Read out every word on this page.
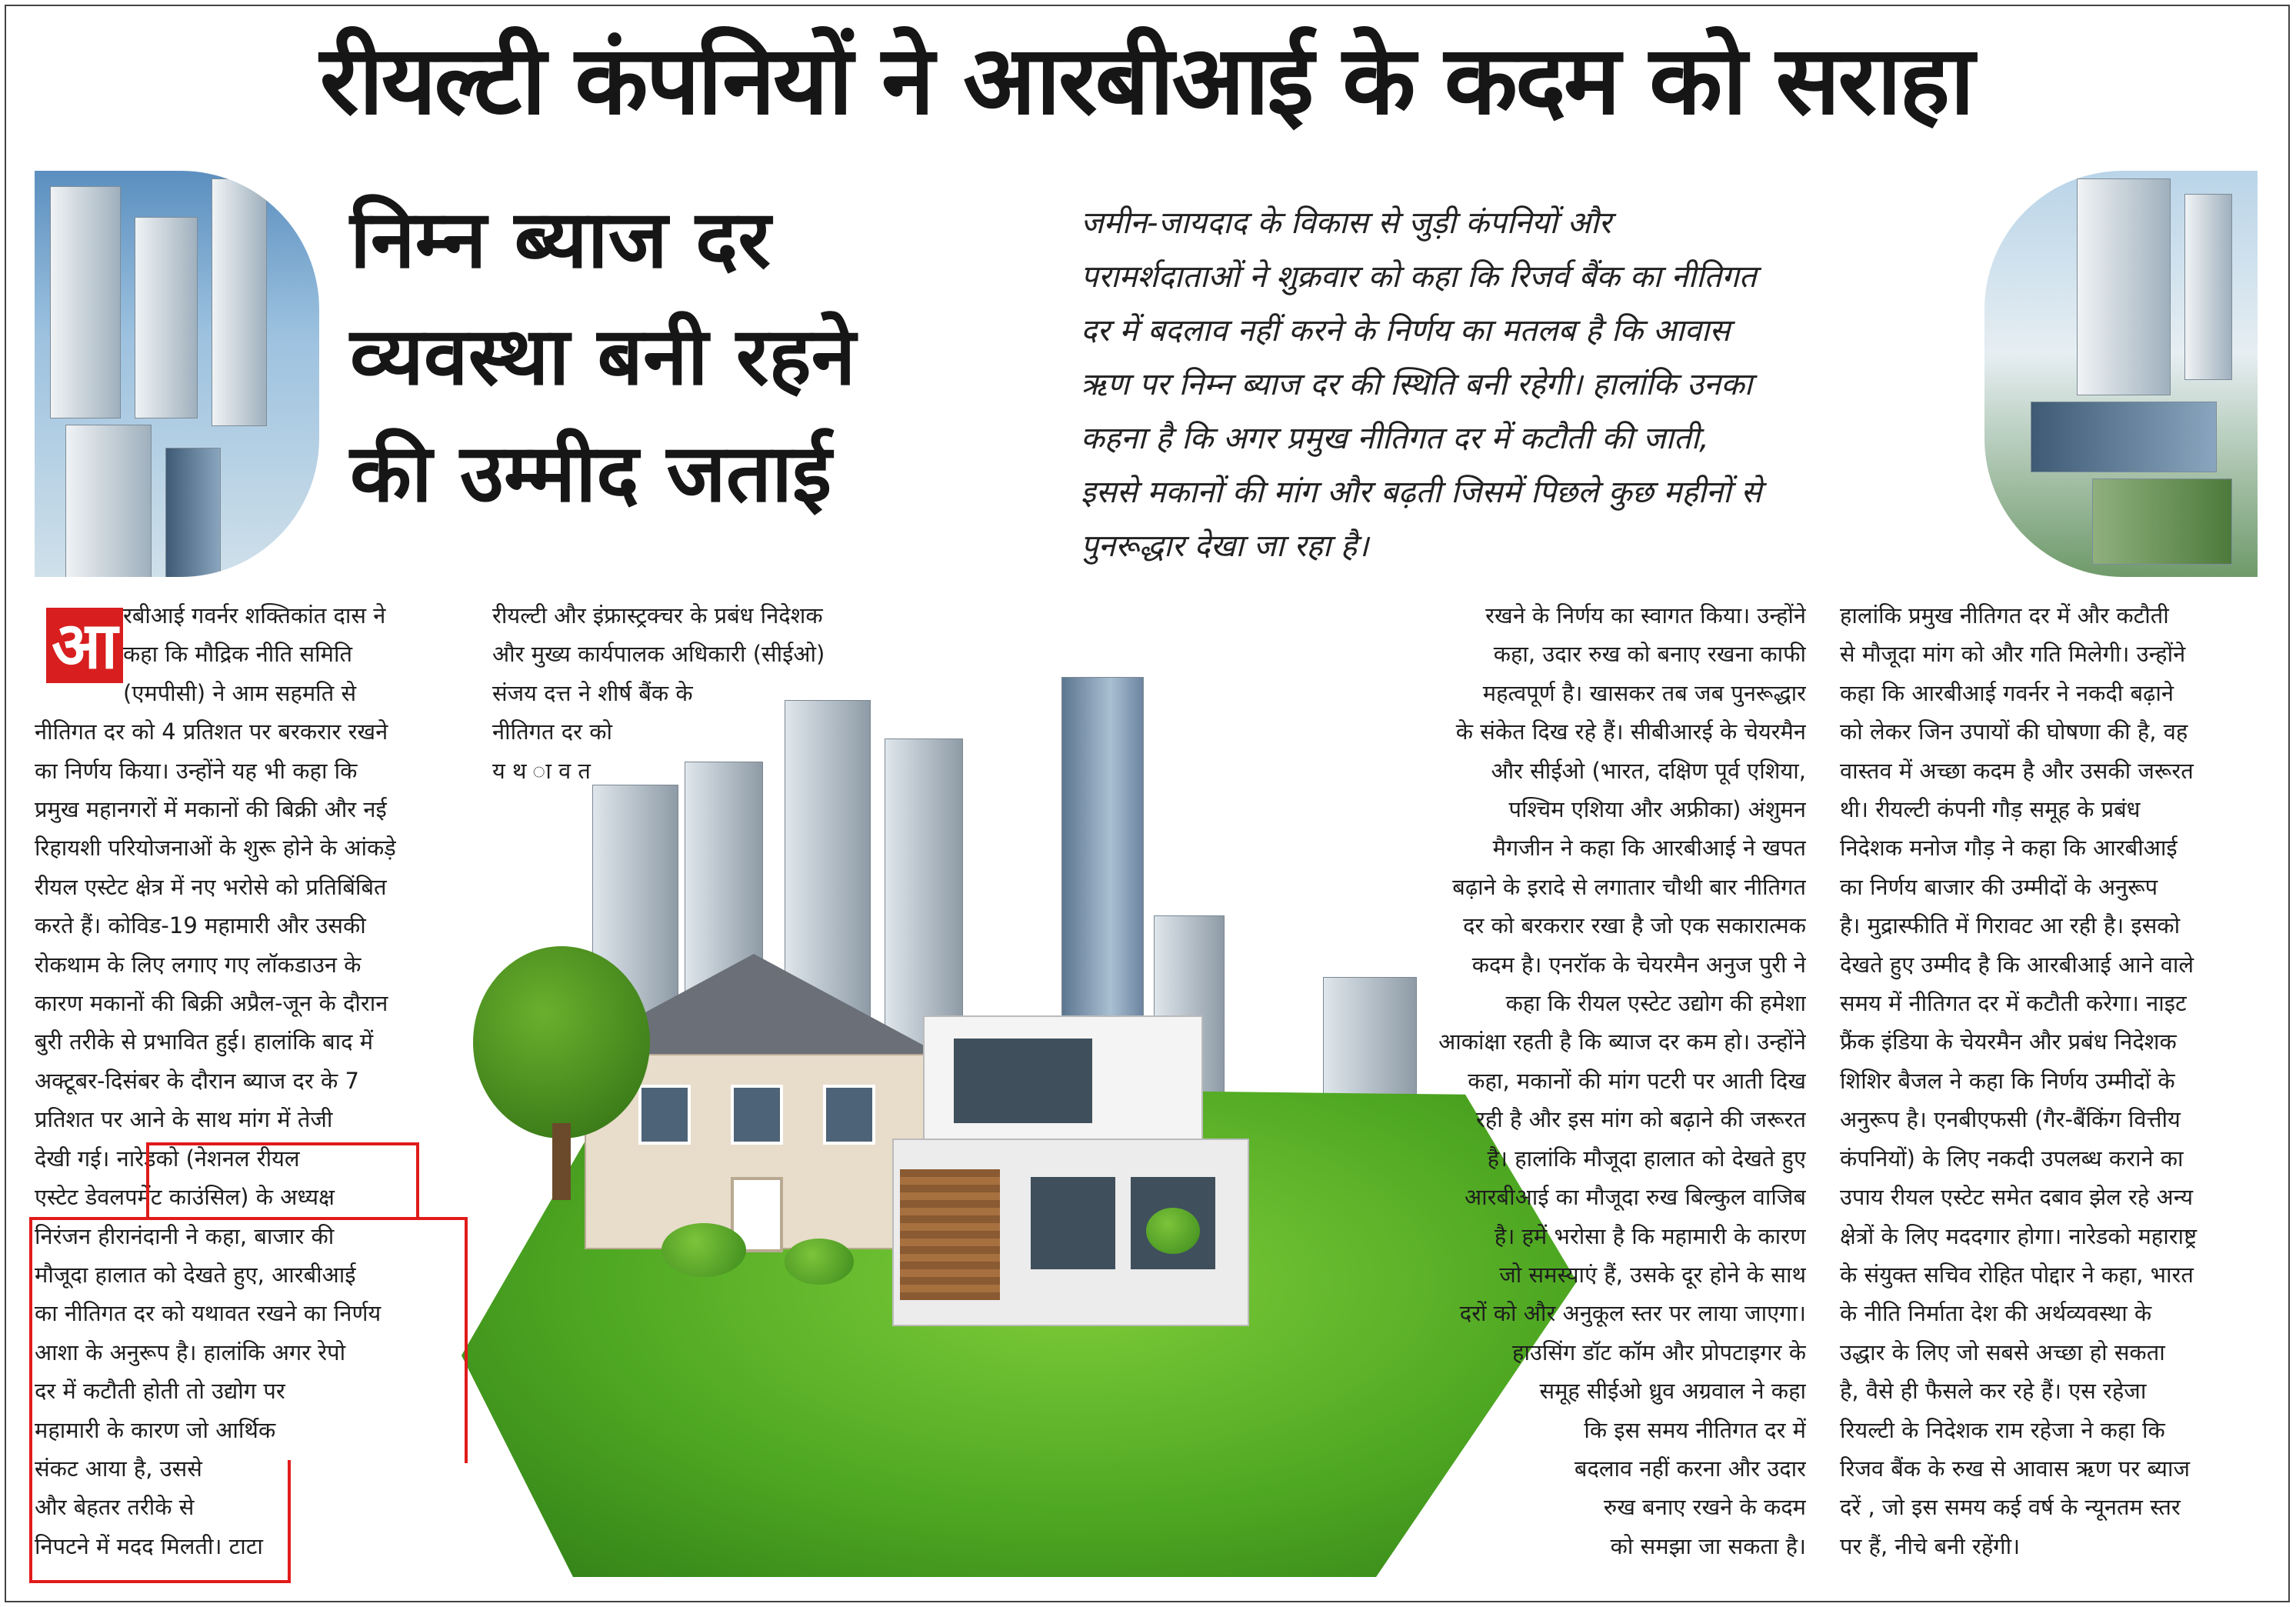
रीयल्टी कंपनियों ने आरबीआई के कदम को सराहा
निम्न ब्याज दर
व्यवस्था बनी रहने
की उम्मीद जताई
जमीन-जायदाद के विकास से जुड़ी कंपनियों और
परामर्शदाताओं ने शुक्रवार को कहा कि रिजर्व बैंक का नीतिगत
दर में बदलाव नहीं करने के निर्णय का मतलब है कि आवास
ऋण पर निम्न ब्याज दर की स्थिति बनी रहेगी। हालांकि उनका
कहना है कि अगर प्रमुख नीतिगत दर में कटौती की जाती,
इससे मकानों की मांग और बढ़ती जिसमें पिछले कुछ महीनों से
पुनरूद्धार देखा जा रहा है।
आ रबीआई गवर्नर शक्तिकांत दास ने
कहा कि मौद्रिक नीति समिति
(एमपीसी) ने आम सहमति से
नीतिगत दर को 4 प्रतिशत पर बरकरार रखने
का निर्णय किया। उन्होंने यह भी कहा कि
प्रमुख महानगरों में मकानों की बिक्री और नई
रिहायशी परियोजनाओं के शुरू होने के आंकड़े
रीयल एस्टेट क्षेत्र में नए भरोसे को प्रतिबिंबित
करते हैं। कोविड-19 महामारी और उसकी
रोकथाम के लिए लगाए गए लॉकडाउन के
कारण मकानों की बिक्री अप्रैल-जून के दौरान
बुरी तरीके से प्रभावित हुई। हालांकि बाद में
अक्टूबर-दिसंबर के दौरान ब्याज दर के 7
प्रतिशत पर आने के साथ मांग में तेजी
देखी गई। नारेडको (नेशनल रीयल
एस्टेट डेवलपमेंट काउंसिल) के अध्यक्ष
निरंजन हीरानंदानी ने कहा, बाजार की
मौजूदा हालात को देखते हुए, आरबीआई
का नीतिगत दर को यथावत रखने का निर्णय
आशा के अनुरूप है। हालांकि अगर रेपो
दर में कटौती होती तो उद्योग पर
महामारी के कारण जो आर्थिक
संकट आया है, उससे
और बेहतर तरीके से
निपटने में मदद मिलती। टाटा
रीयल्टी और इंफ्रास्ट्रक्चर के प्रबंध निदेशक
और मुख्य कार्यपालक अधिकारी (सीईओ)
संजय दत्त ने शीर्ष बैंक के
नीतिगत दर को
य थ ा व त
रखने के निर्णय का स्वागत किया। उन्होंने
कहा, उदार रुख को बनाए रखना काफी
महत्वपूर्ण है। खासकर तब जब पुनरूद्धार
के संकेत दिख रहे हैं। सीबीआरई के चेयरमैन
और सीईओ (भारत, दक्षिण पूर्व एशिया,
पश्चिम एशिया और अफ्रीका) अंशुमन
मैगजीन ने कहा कि आरबीआई ने खपत
बढ़ाने के इरादे से लगातार चौथी बार नीतिगत
दर को बरकरार रखा है जो एक सकारात्मक
कदम है। एनरॉक के चेयरमैन अनुज पुरी ने
कहा कि रीयल एस्टेट उद्योग की हमेशा
आकांक्षा रहती है कि ब्याज दर कम हो। उन्होंने
कहा, मकानों की मांग पटरी पर आती दिख
रही है और इस मांग को बढ़ाने की जरूरत
है। हालांकि मौजूदा हालात को देखते हुए
आरबीआई का मौजूदा रुख बिल्कुल वाजिब
है। हमें भरोसा है कि महामारी के कारण
जो समस्याएं हैं, उसके दूर होने के साथ
दरों को और अनुकूल स्तर पर लाया जाएगा।
हाउसिंग डॉट कॉम और प्रोपटाइगर के
समूह सीईओ ध्रुव अग्रवाल ने कहा
कि इस समय नीतिगत दर में
बदलाव नहीं करना और उदार
रुख बनाए रखने के कदम
को समझा जा सकता है।
हालांकि प्रमुख नीतिगत दर में और कटौती
से मौजूदा मांग को और गति मिलेगी। उन्होंने
कहा कि आरबीआई गवर्नर ने नकदी बढ़ाने
को लेकर जिन उपायों की घोषणा की है, वह
वास्तव में अच्छा कदम है और उसकी जरूरत
थी। रीयल्टी कंपनी गौड़ समूह के प्रबंध
निदेशक मनोज गौड़ ने कहा कि आरबीआई
का निर्णय बाजार की उम्मीदों के अनुरूप
है। मुद्रास्फीति में गिरावट आ रही है। इसको
देखते हुए उम्मीद है कि आरबीआई आने वाले
समय में नीतिगत दर में कटौती करेगा। नाइट
फ्रैंक इंडिया के चेयरमैन और प्रबंध निदेशक
शिशिर बैजल ने कहा कि निर्णय उम्मीदों के
अनुरूप है। एनबीएफसी (गैर-बैंकिंग वित्तीय
कंपनियों) के लिए नकदी उपलब्ध कराने का
उपाय रीयल एस्टेट समेत दबाव झेल रहे अन्य
क्षेत्रों के लिए मददगार होगा। नारेडको महाराष्ट्र
के संयुक्त सचिव रोहित पोद्दार ने कहा, भारत
के नीति निर्माता देश की अर्थव्यवस्था के
उद्धार के लिए जो सबसे अच्छा हो सकता
है, वैसे ही फैसले कर रहे हैं। एस रहेजा
रियल्टी के निदेशक राम रहेजा ने कहा कि
रिजव बैंक के रुख से आवास ऋण पर ब्याज
दरें , जो इस समय कई वर्ष के न्यूनतम स्तर
पर हैं, नीचे बनी रहेंगी।
